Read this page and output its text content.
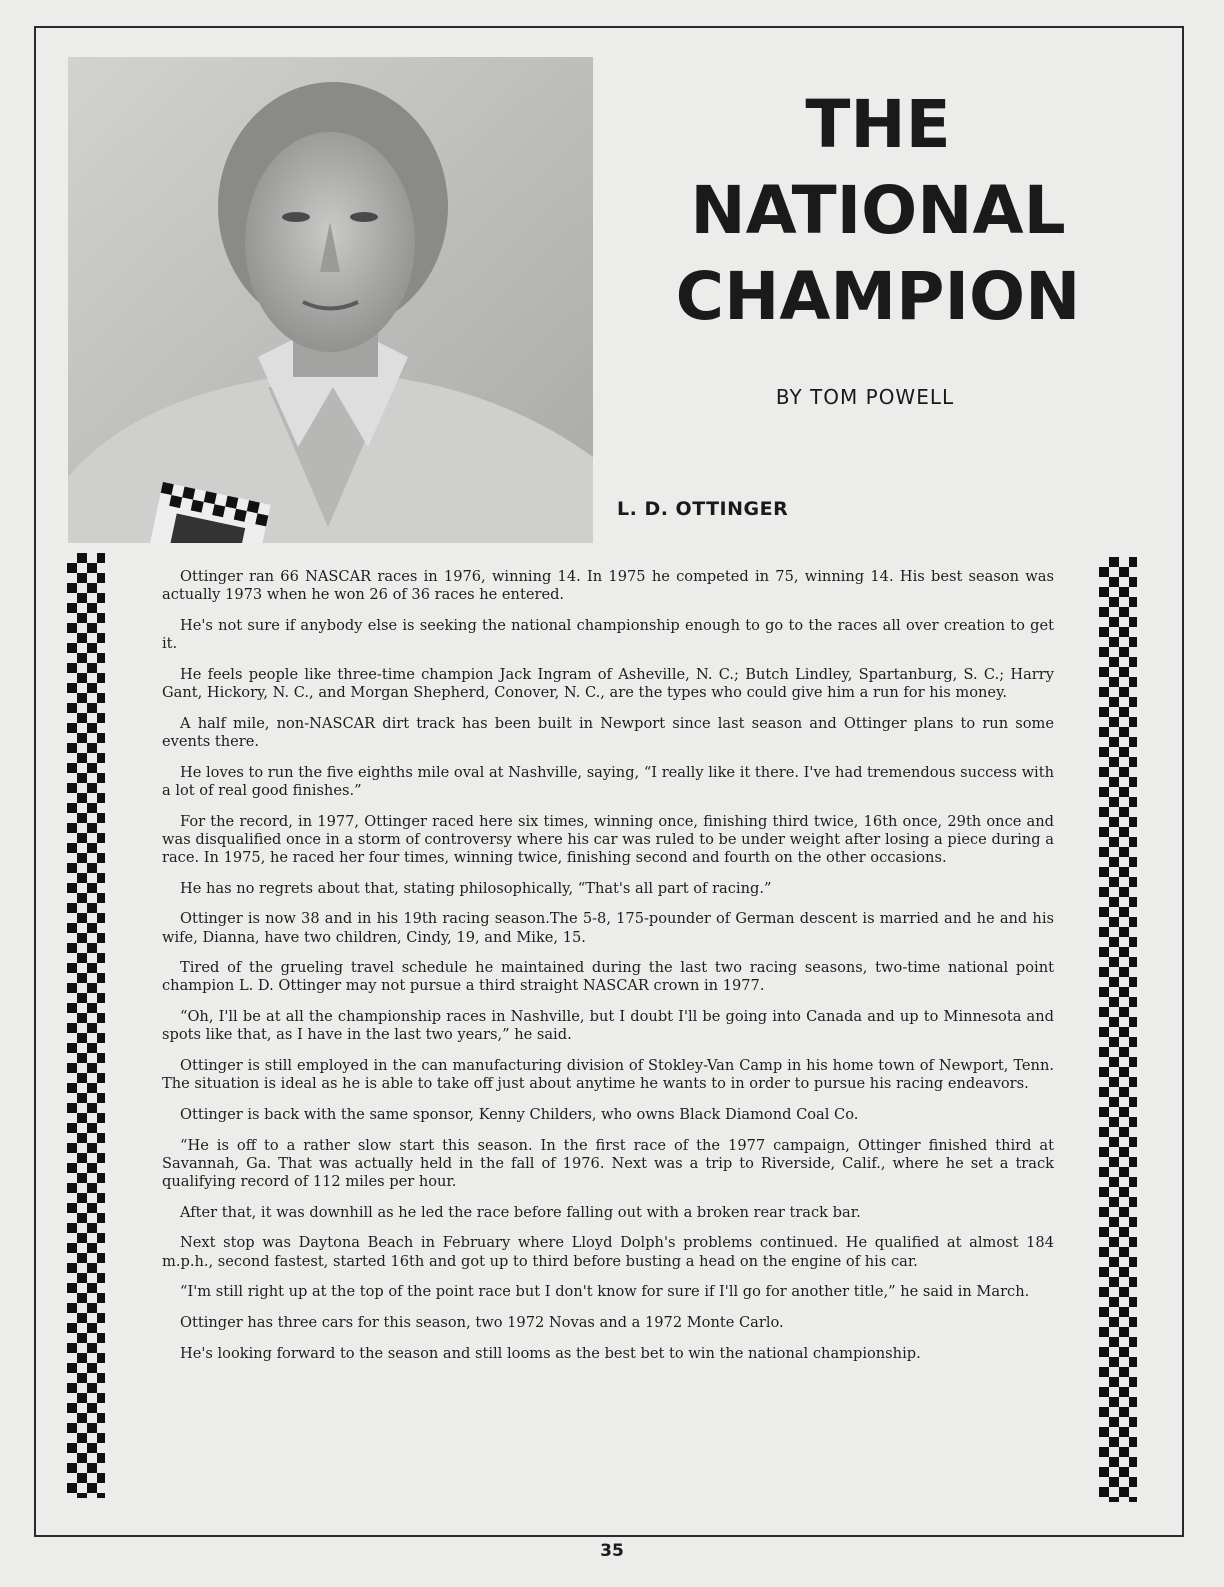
THE
NATIONAL
CHAMPION
BY TOM POWELL
L. D. OTTINGER

Ottinger ran 66 NASCAR races in 1976, winning 14. In 1975 he competed in 75, winning 14. His best season was actually 1973 when he won 26 of 36 races he entered.

He's not sure if anybody else is seeking the national championship enough to go to the races all over creation to get it.

He feels people like three-time champion Jack Ingram of Asheville, N. C.; Butch Lindley, Spartanburg, S. C.; Harry Gant, Hickory, N. C., and Morgan Shepherd, Conover, N. C., are the types who could give him a run for his money.

A half mile, non-NASCAR dirt track has been built in Newport since last season and Ottinger plans to run some events there.

He loves to run the five eighths mile oval at Nashville, saying, “I really like it there. I've had tremendous success with a lot of real good finishes.”

For the record, in 1977, Ottinger raced here six times, winning once, finishing third twice, 16th once, 29th once and was disqualified once in a storm of controversy where his car was ruled to be under weight after losing a piece during a race. In 1975, he raced her four times, winning twice, finishing second and fourth on the other occasions.

He has no regrets about that, stating philosophically, “That's all part of racing.”

Ottinger is now 38 and in his 19th racing season.The 5-8, 175-pounder of German descent is married and he and his wife, Dianna, have two children, Cindy, 19, and Mike, 15.

Tired of the grueling travel schedule he maintained during the last two racing seasons, two-time national point champion L. D. Ottinger may not pursue a third straight NASCAR crown in 1977.

“Oh, I'll be at all the championship races in Nashville, but I doubt I'll be going into Canada and up to Minnesota and spots like that, as I have in the last two years,” he said.

Ottinger is still employed in the can manufacturing division of Stokley-Van Camp in his home town of Newport, Tenn. The situation is ideal as he is able to take off just about anytime he wants to in order to pursue his racing endeavors.

Ottinger is back with the same sponsor, Kenny Childers, who owns Black Diamond Coal Co.

“He is off to a rather slow start this season. In the first race of the 1977 campaign, Ottinger finished third at Savannah, Ga. That was actually held in the fall of 1976. Next was a trip to Riverside, Calif., where he set a track qualifying record of 112 miles per hour.

After that, it was downhill as he led the race before falling out with a broken rear track bar.

Next stop was Daytona Beach in February where Lloyd Dolph's problems continued. He qualified at almost 184 m.p.h., second fastest, started 16th and got up to third before busting a head on the engine of his car.

“I'm still right up at the top of the point race but I don't know for sure if I'll go for another title,” he said in March.

Ottinger has three cars for this season, two 1972 Novas and a 1972 Monte Carlo.

He's looking forward to the season and still looms as the best bet to win the national championship.

35
